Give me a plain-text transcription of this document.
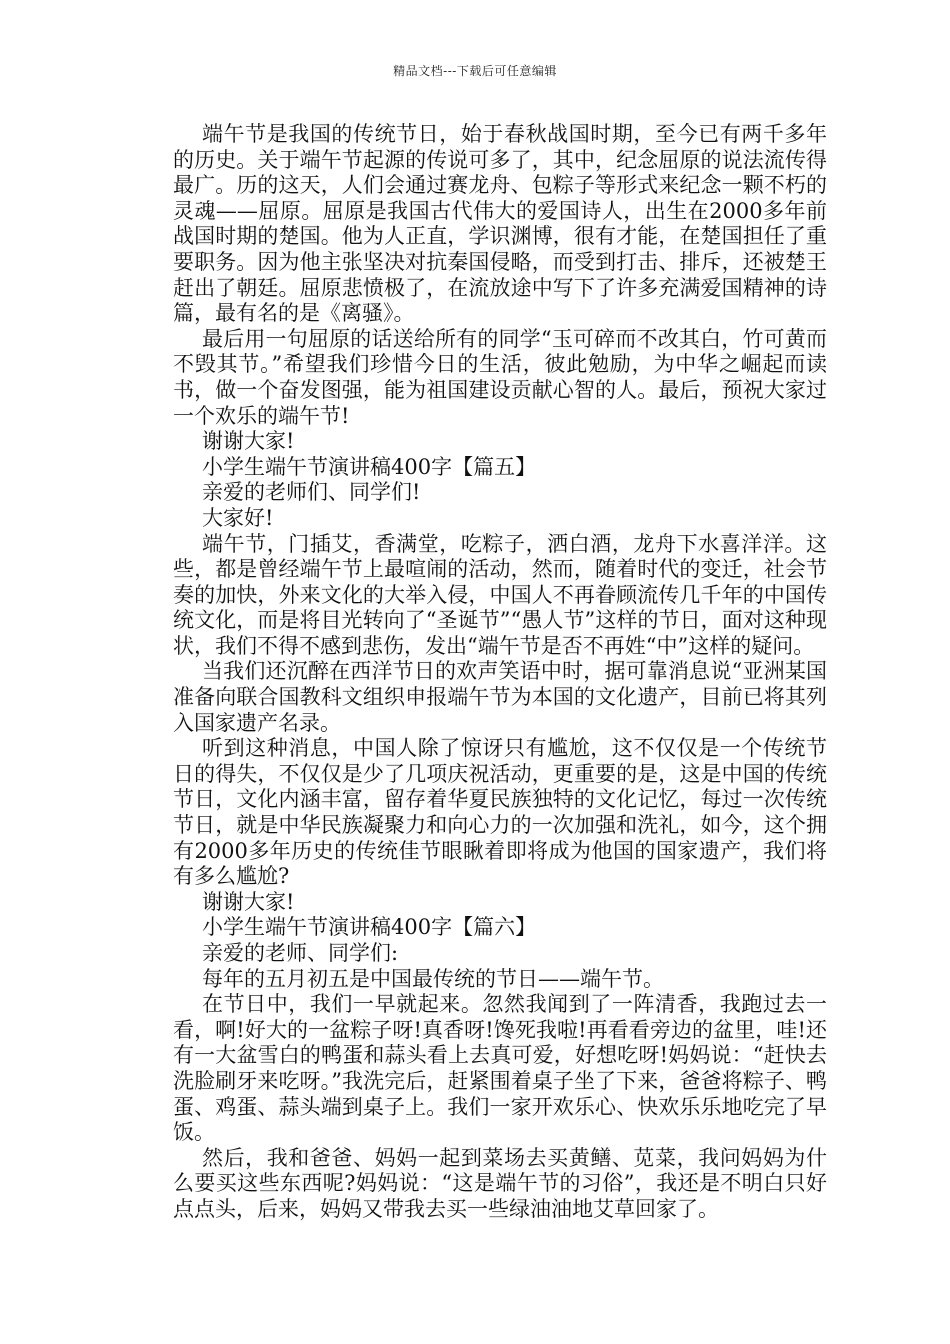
精品文档---下载后可任意编辑

端午节是我国的传统节日，始于春秋战国时期，至今已有两千多年的历史。关于端午节起源的传说可多了，其中，纪念屈原的说法流传得最广。历的这天，人们会通过赛龙舟、包粽子等形式来纪念一颗不朽的灵魂——屈原。屈原是我国古代伟大的爱国诗人，出生在2000多年前战国时期的楚国。他为人正直，学识渊博，很有才能，在楚国担任了重要职务。因为他主张坚决对抗秦国侵略，而受到打击、排斥，还被楚王赶出了朝廷。屈原悲愤极了，在流放途中写下了许多充满爱国精神的诗篇，最有名的是《离骚》。

最后用一句屈原的话送给所有的同学“玉可碎而不改其白，竹可黄而不毁其节。”希望我们珍惜今日的生活，彼此勉励，为中华之崛起而读书，做一个奋发图强，能为祖国建设贡献心智的人。最后，预祝大家过一个欢乐的端午节!

谢谢大家!

小学生端午节演讲稿400字【篇五】

亲爱的老师们、同学们!

大家好!

端午节，门插艾，香满堂，吃粽子，洒白酒，龙舟下水喜洋洋。这些，都是曾经端午节上最喧闹的活动，然而，随着时代的变迁，社会节奏的加快，外来文化的大举入侵，中国人不再眷顾流传几千年的中国传统文化，而是将目光转向了“圣诞节”“愚人节”这样的节日，面对这种现状，我们不得不感到悲伤，发出“端午节是否不再姓“中”这样的疑问。

当我们还沉醉在西洋节日的欢声笑语中时，据可靠消息说“亚洲某国准备向联合国教科文组织申报端午节为本国的文化遗产，目前已将其列入国家遗产名录。

听到这种消息，中国人除了惊讶只有尴尬，这不仅仅是一个传统节日的得失，不仅仅是少了几项庆祝活动，更重要的是，这是中国的传统节日，文化内涵丰富，留存着华夏民族独特的文化记忆，每过一次传统节日，就是中华民族凝聚力和向心力的一次加强和洗礼，如今，这个拥有2000多年历史的传统佳节眼瞅着即将成为他国的国家遗产，我们将有多么尴尬?

谢谢大家!

小学生端午节演讲稿400字【篇六】

亲爱的老师、同学们:

每年的五月初五是中国最传统的节日——端午节。

在节日中，我们一早就起来。忽然我闻到了一阵清香，我跑过去一看，啊!好大的一盆粽子呀!真香呀!馋死我啦!再看看旁边的盆里，哇!还有一大盆雪白的鸭蛋和蒜头看上去真可爱，好想吃呀!妈妈说：“赶快去洗脸刷牙来吃呀。”我洗完后，赶紧围着桌子坐了下来，爸爸将粽子、鸭蛋、鸡蛋、蒜头端到桌子上。我们一家开欢乐心、快欢乐乐地吃完了早饭。

然后，我和爸爸、妈妈一起到菜场去买黄鳝、苋菜，我问妈妈为什么要买这些东西呢?妈妈说：“这是端午节的习俗”，我还是不明白只好点点头，后来，妈妈又带我去买一些绿油油地艾草回家了。
